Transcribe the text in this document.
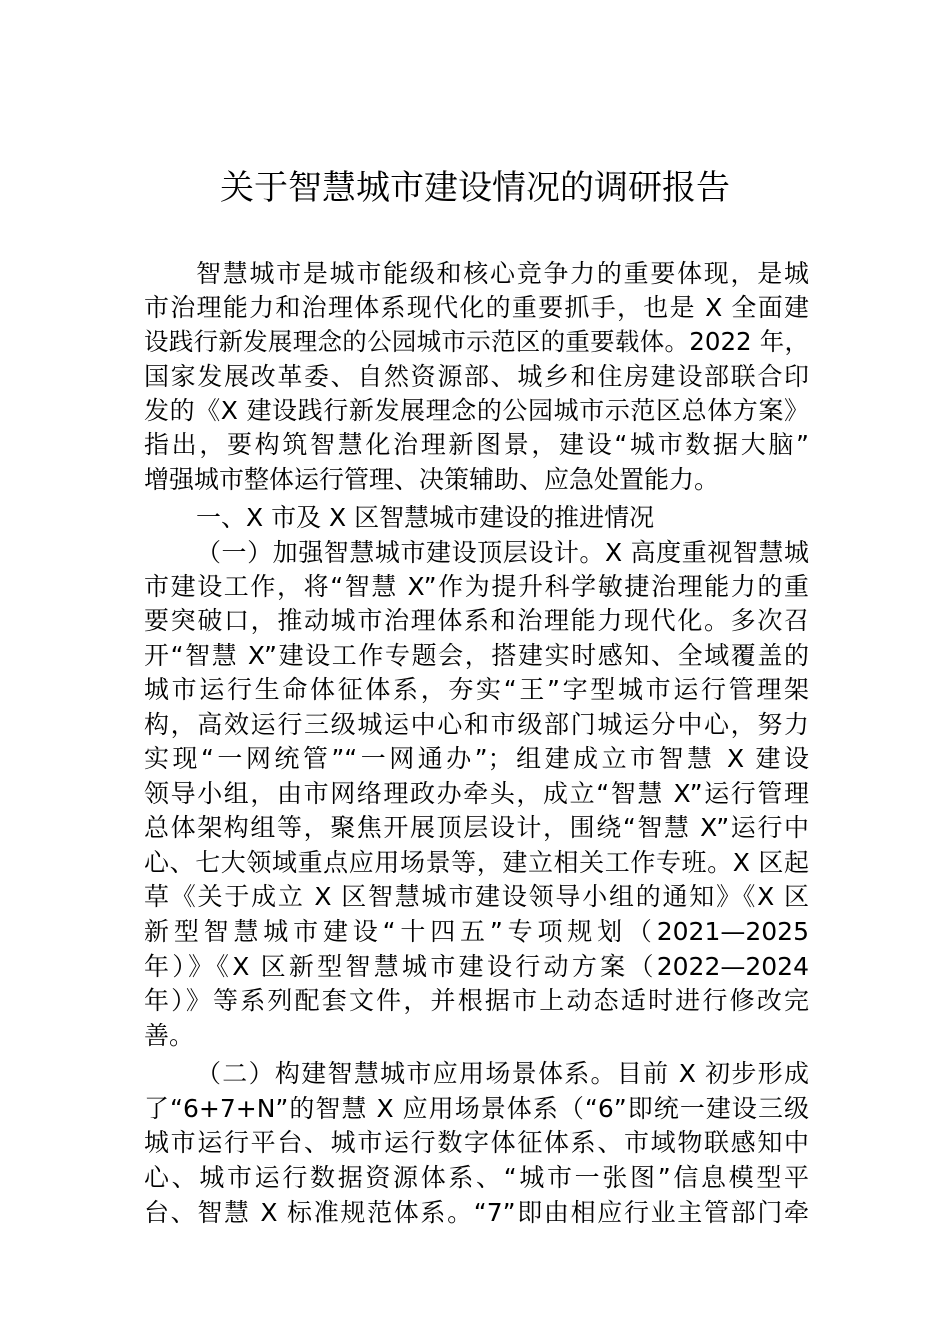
关于智慧城市建设情况的调研报告
智慧城市是城市能级和核心竞争力的重要体现，是城
市治理能力和治理体系现代化的重要抓手，也是 X 全面建
设践行新发展理念的公园城市示范区的重要载体。2022 年，
国家发展改革委、自然资源部、城乡和住房建设部联合印
发的《X 建设践行新发展理念的公园城市示范区总体方案》
指出，要构筑智慧化治理新图景，建设“城市数据大脑”
增强城市整体运行管理、决策辅助、应急处置能力。
一、X 市及 X 区智慧城市建设的推进情况
（一）加强智慧城市建设顶层设计。X 高度重视智慧城
市建设工作，将“智慧 X”作为提升科学敏捷治理能力的重
要突破口，推动城市治理体系和治理能力现代化。多次召
开“智慧 X”建设工作专题会，搭建实时感知、全域覆盖的
城市运行生命体征体系，夯实“王”字型城市运行管理架
构，高效运行三级城运中心和市级部门城运分中心，努力
实现“一网统管”“一网通办”；组建成立市智慧 X 建设
领导小组，由市网络理政办牵头，成立“智慧 X”运行管理
总体架构组等，聚焦开展顶层设计，围绕“智慧 X”运行中
心、七大领域重点应用场景等，建立相关工作专班。X 区起
草《关于成立 X 区智慧城市建设领导小组的通知》《X 区
新型智慧城市建设“十四五”专项规划（2021—2025
年）》《X 区新型智慧城市建设行动方案（2022—2024
年）》等系列配套文件，并根据市上动态适时进行修改完
善。
（二）构建智慧城市应用场景体系。目前 X 初步形成
了“6+7+N”的智慧 X 应用场景体系（“6”即统一建设三级
城市运行平台、城市运行数字体征体系、市域物联感知中
心、城市运行数据资源体系、“城市一张图”信息模型平
台、智慧 X 标准规范体系。“7”即由相应行业主管部门牵
